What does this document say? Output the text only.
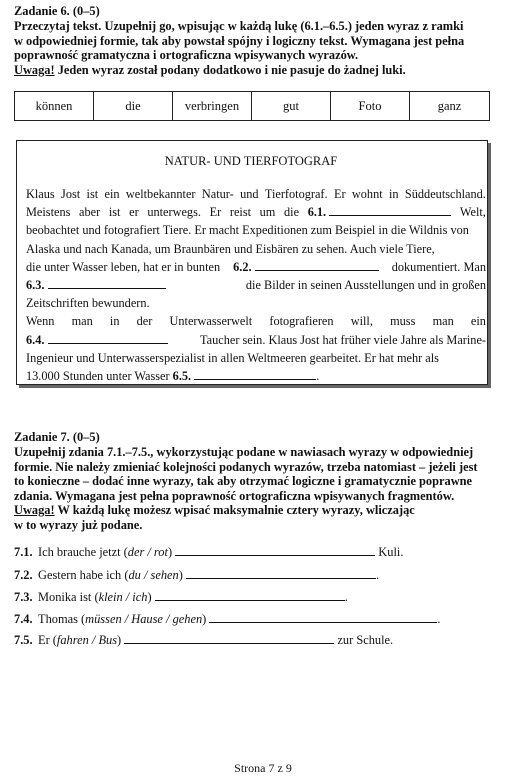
Zadanie 6. (0–5)
Przeczytaj tekst. Uzupełnij go, wpisując w każdą lukę (6.1.–6.5.) jeden wyraz z ramki
w odpowiedniej formie, tak aby powstał spójny i logiczny tekst. Wymagana jest pełna
poprawność gramatyczna i ortograficzna wpisywanych wyrazów.
Uwaga! Jeden wyraz został podany dodatkowo i nie pasuje do żadnej luki.
können	die	verbringen	gut	Foto	ganz
NATUR- UND TIERFOTOGRAF
Klaus Jost ist ein weltbekannter Natur- und Tierfotograf. Er wohnt in Süddeutschland.
Meistens aber ist er unterwegs. Er reist um die 6.1.	Welt,
beobachtet und fotografiert Tiere. Er macht Expeditionen zum Beispiel in die Wildnis von
Alaska und nach Kanada, um Braunbären und Eisbären zu sehen. Auch viele Tiere,
die unter Wasser leben, hat er in bunten 6.2.	dokumentiert. Man
6.3.	die Bilder in seinen Ausstellungen und in großen
Zeitschriften bewundern.
Wenn man in der Unterwasserwelt fotografieren will, muss man ein
6.4.	Taucher sein. Klaus Jost hat früher viele Jahre als Marine-
Ingenieur und Unterwasserspezialist in allen Weltmeeren gearbeitet. Er hat mehr als
13.000 Stunden unter Wasser 6.5.	.
Zadanie 7. (0–5)
Uzupełnij zdania 7.1.–7.5., wykorzystując podane w nawiasach wyrazy w odpowiedniej
formie. Nie należy zmieniać kolejności podanych wyrazów, trzeba natomiast – jeżeli jest
to konieczne – dodać inne wyrazy, tak aby otrzymać logiczne i gramatycznie poprawne
zdania. Wymagana jest pełna poprawność ortograficzna wpisywanych fragmentów.
Uwaga! W każdą lukę możesz wpisać maksymalnie cztery wyrazy, wliczając
w to wyrazy już podane.
7.1. Ich brauche jetzt (der / rot)	Kuli.
7.2. Gestern habe ich (du / sehen)	.
7.3. Monika ist (klein / ich)	.
7.4. Thomas (müssen / Hause / gehen)	.
7.5. Er (fahren / Bus)	zur Schule.
Strona 7 z 9
